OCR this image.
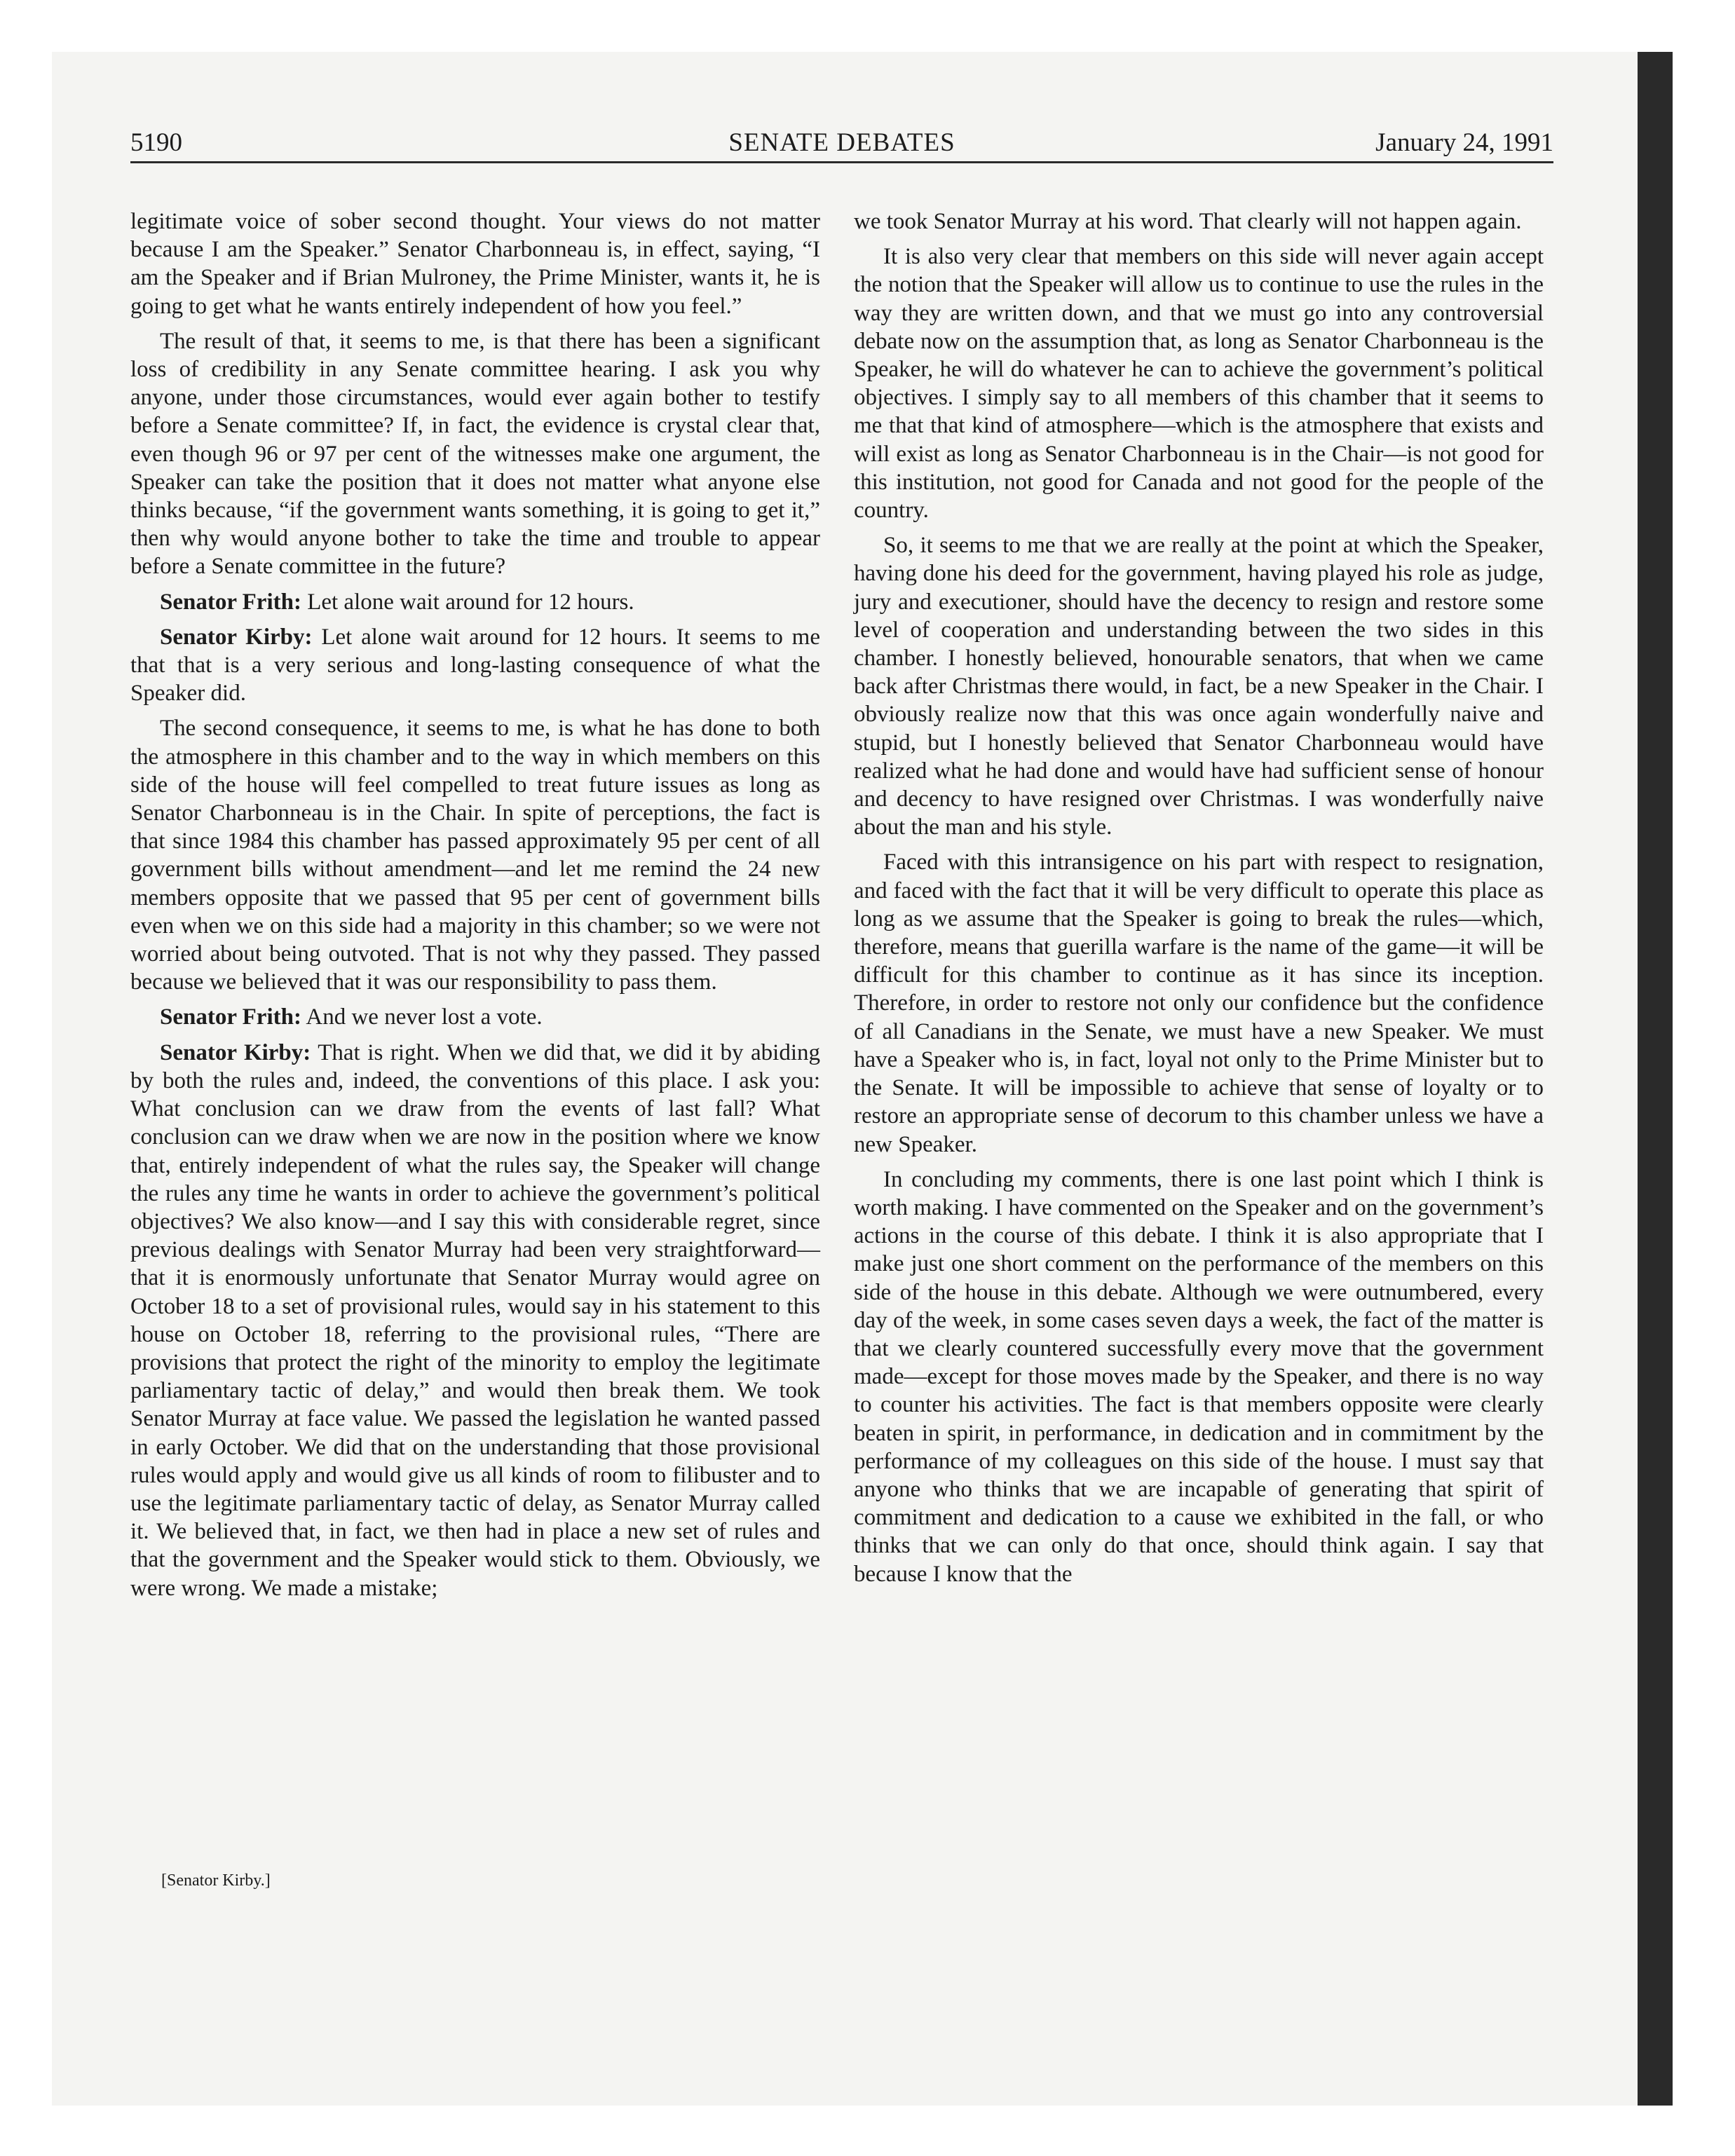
5190	SENATE DEBATES	January 24, 1991

legitimate voice of sober second thought. Your views do not matter because I am the Speaker.” Senator Charbonneau is, in effect, saying, “I am the Speaker and if Brian Mulroney, the Prime Minister, wants it, he is going to get what he wants entirely independent of how you feel.”

The result of that, it seems to me, is that there has been a significant loss of credibility in any Senate committee hearing. I ask you why anyone, under those circumstances, would ever again bother to testify before a Senate committee? If, in fact, the evidence is crystal clear that, even though 96 or 97 per cent of the witnesses make one argument, the Speaker can take the position that it does not matter what anyone else thinks because, “if the government wants something, it is going to get it,” then why would anyone bother to take the time and trouble to appear before a Senate committee in the future?

Senator Frith: Let alone wait around for 12 hours.

Senator Kirby: Let alone wait around for 12 hours. It seems to me that that is a very serious and long-lasting consequence of what the Speaker did.

The second consequence, it seems to me, is what he has done to both the atmosphere in this chamber and to the way in which members on this side of the house will feel compelled to treat future issues as long as Senator Charbonneau is in the Chair. In spite of perceptions, the fact is that since 1984 this chamber has passed approximately 95 per cent of all government bills without amendment—and let me remind the 24 new members opposite that we passed that 95 per cent of government bills even when we on this side had a majority in this chamber; so we were not worried about being outvoted. That is not why they passed. They passed because we believed that it was our responsibility to pass them.

Senator Frith: And we never lost a vote.

Senator Kirby: That is right. When we did that, we did it by abiding by both the rules and, indeed, the conventions of this place. I ask you: What conclusion can we draw from the events of last fall? What conclusion can we draw when we are now in the position where we know that, entirely independent of what the rules say, the Speaker will change the rules any time he wants in order to achieve the government’s political objectives? We also know—and I say this with considerable regret, since previous dealings with Senator Murray had been very straightforward—that it is enormously unfortunate that Senator Murray would agree on October 18 to a set of provisional rules, would say in his statement to this house on October 18, referring to the provisional rules, “There are provisions that protect the right of the minority to employ the legitimate parliamentary tactic of delay,” and would then break them. We took Senator Murray at face value. We passed the legislation he wanted passed in early October. We did that on the understanding that those provisional rules would apply and would give us all kinds of room to filibuster and to use the legitimate parliamentary tactic of delay, as Senator Murray called it. We believed that, in fact, we then had in place a new set of rules and that the government and the Speaker would stick to them. Obviously, we were wrong. We made a mistake;

we took Senator Murray at his word. That clearly will not happen again.

It is also very clear that members on this side will never again accept the notion that the Speaker will allow us to continue to use the rules in the way they are written down, and that we must go into any controversial debate now on the assumption that, as long as Senator Charbonneau is the Speaker, he will do whatever he can to achieve the government’s political objectives. I simply say to all members of this chamber that it seems to me that that kind of atmosphere—which is the atmosphere that exists and will exist as long as Senator Charbonneau is in the Chair—is not good for this institution, not good for Canada and not good for the people of the country.

So, it seems to me that we are really at the point at which the Speaker, having done his deed for the government, having played his role as judge, jury and executioner, should have the decency to resign and restore some level of cooperation and understanding between the two sides in this chamber. I honestly believed, honourable senators, that when we came back after Christmas there would, in fact, be a new Speaker in the Chair. I obviously realize now that this was once again wonderfully naive and stupid, but I honestly believed that Senator Charbonneau would have realized what he had done and would have had sufficient sense of honour and decency to have resigned over Christmas. I was wonderfully naive about the man and his style.

Faced with this intransigence on his part with respect to resignation, and faced with the fact that it will be very difficult to operate this place as long as we assume that the Speaker is going to break the rules—which, therefore, means that guerilla warfare is the name of the game—it will be difficult for this chamber to continue as it has since its inception. Therefore, in order to restore not only our confidence but the confidence of all Canadians in the Senate, we must have a new Speaker. We must have a Speaker who is, in fact, loyal not only to the Prime Minister but to the Senate. It will be impossible to achieve that sense of loyalty or to restore an appropriate sense of decorum to this chamber unless we have a new Speaker.

In concluding my comments, there is one last point which I think is worth making. I have commented on the Speaker and on the government’s actions in the course of this debate. I think it is also appropriate that I make just one short comment on the performance of the members on this side of the house in this debate. Although we were outnumbered, every day of the week, in some cases seven days a week, the fact of the matter is that we clearly countered successfully every move that the government made—except for those moves made by the Speaker, and there is no way to counter his activities. The fact is that members opposite were clearly beaten in spirit, in performance, in dedication and in commitment by the performance of my colleagues on this side of the house. I must say that anyone who thinks that we are incapable of generating that spirit of commitment and dedication to a cause we exhibited in the fall, or who thinks that we can only do that once, should think again. I say that because I know that the

[Senator Kirby.]
